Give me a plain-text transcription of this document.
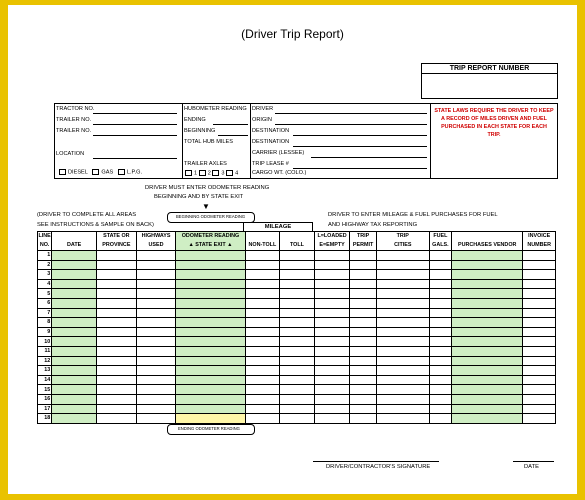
(Driver Trip Report)
TRIP REPORT NUMBER
TRACTOR NO.
TRAILER NO.
TRAILER NO.
LOCATION
DIESEL GAS L.P.G.
HUBOMETER READING
ENDING
BEGINNING
TOTAL HUB MILES
TRAILER AXLES
1 2 3 4
DRIVER
ORIGIN
DESTINATION
DESTINATION
CARRIER (LESSEE)
TRIP LEASE #
CARGO WT. (COLO.)
STATE LAWS REQUIRE THE DRIVER TO KEEP A RECORD OF MILES DRIVEN AND FUEL PURCHASED IN EACH STATE FOR EACH TRIP.
DRIVER MUST ENTER ODOMETER READING
BEGINNING AND BY STATE EXIT
▼
(DRIVER TO COMPLETE ALL AREAS
SEE INSTRUCTIONS & SAMPLE ON BACK)
DRIVER TO ENTER MILEAGE & FUEL PURCHASES FOR FUEL
AND HIGHWAY TAX REPORTING
BEGINNING ODOMETER READING
MILEAGE
LINE		STATE OR	HIGHWAYS	ODOMETER READING			L=LOADED	TRIP	TRIP	FUEL		INVOICE
NO.	DATE	PROVINCE	USED	▲ STATE EXIT ▲	NON-TOLL	TOLL	E=EMPTY	PERMIT	CITIES	GALS.	PURCHASES VENDOR	NUMBER
1												
2												
3												
4												
5												
6												
7												
8												
9												
10												
11												
12												
13												
14												
15												
16												
17												
18												
ENDING ODOMETER READING
DRIVER/CONTRACTOR'S SIGNATURE	DATE
